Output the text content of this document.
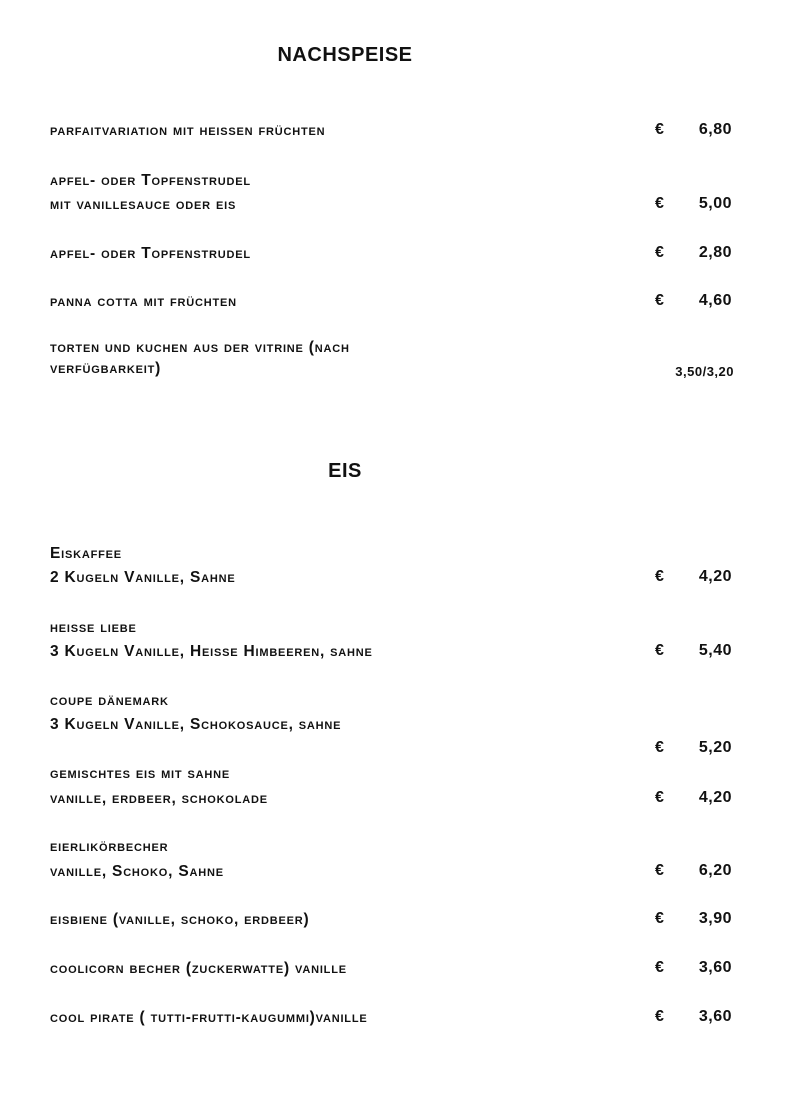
NACHSPEISE
parfaitvariation mit heissen früchten	€	6,80
apfel- oder Topfenstrudel
mit vanillesauce oder eis	€	5,00
apfel- oder Topfenstrudel	€	2,80
panna cotta mit früchten	€	4,60
torten und kuchen aus der vitrine (nach
verfügbarkeit)	3,50/3,20
EIS
Eiskaffee
2 Kugeln Vanille, Sahne	€	4,20
heisse liebe
3 Kugeln Vanille, Heisse Himbeeren, sahne	€	5,40
coupe dänemark
3 Kugeln Vanille, Schokosauce, sahne
€	5,20
gemischtes eis mit sahne
vanille, erdbeer, schokolade	€	4,20
eierlikörbecher
vanille, Schoko, Sahne	€	6,20
eisbiene (vanille, schoko, erdbeer)	€	3,90
coolicorn becher (zuckerwatte) vanille	€	3,60
cool pirate ( tutti-frutti-kaugummi)vanille	€	3,60
